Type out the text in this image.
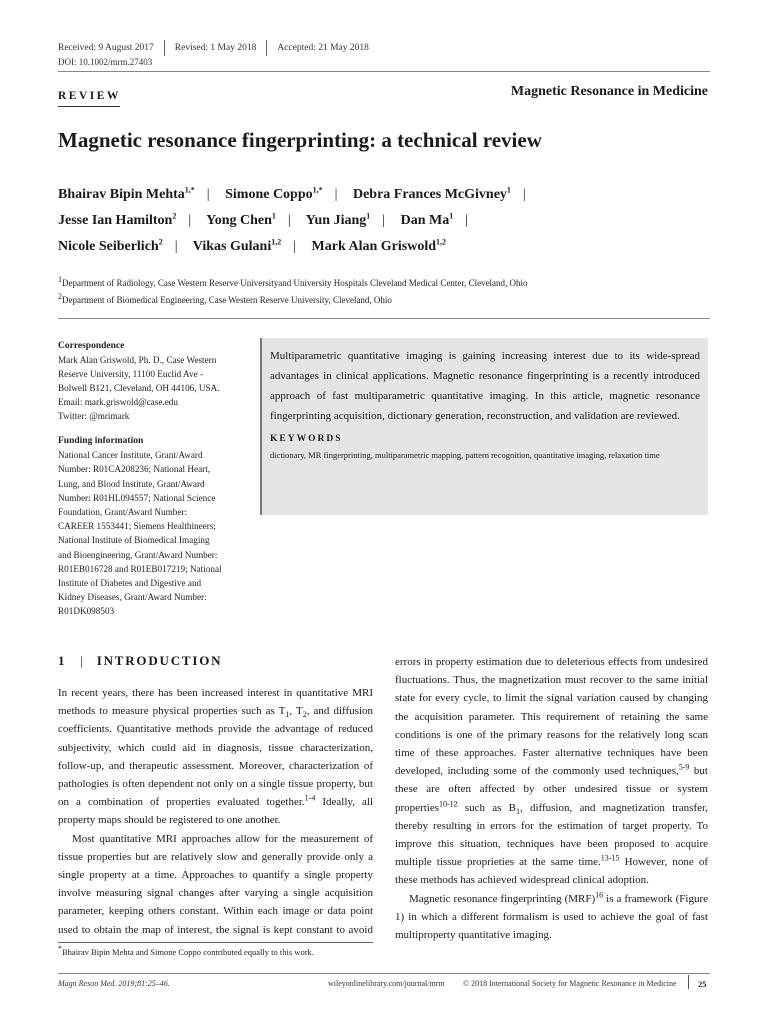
Received: 9 August 2017 Revised: 1 May 2018 Accepted: 21 May 2018
DOI: 10.1002/mrm.27403
REVIEW	Magnetic Resonance in Medicine
Magnetic resonance fingerprinting: a technical review
Bhairav Bipin Mehta$^{1,*}$ | Simone Coppo$^{1,*}$ | Debra Frances McGivney$^1$ |
Jesse Ian Hamilton$^2$ | Yong Chen$^1$ | Yun Jiang$^1$ | Dan Ma$^1$ |
Nicole Seiberlich$^2$ | Vikas Gulani$^{1,2}$ | Mark Alan Griswold$^{1,2}$
$^1$Department of Radiology, Case Western Reserve Universityand University Hospitals Cleveland Medical Center, Cleveland, Ohio
$^2$Department of Biomedical Engineering, Case Western Reserve University, Cleveland, Ohio
Correspondence
Mark Alan Griswold, Ph. D., Case Western
Reserve University, 11100 Euclid Ave -
Bolwell B121, Cleveland, OH 44106, USA.
Email: mark.griswold@case.edu
Twitter: @mrimark
Funding information
National Cancer Institute, Grant/Award
Number: R01CA208236; National Heart,
Lung, and Blood Institute, Grant/Award
Number: R01HL094557; National Science
Foundation, Grant/Award Number:
CAREER 1553441; Siemens Healthineers;
National Institute of Biomedical Imaging
and Bioengineering, Grant/Award Number:
R01EB016728 and R01EB017219; National
Institute of Diabetes and Digestive and
Kidney Diseases, Grant/Award Number:
R01DK098503
Multiparametric quantitative imaging is gaining increasing interest due to its wide-spread advantages in clinical applications. Magnetic resonance fingerprinting is a recently introduced approach of fast multiparametric quantitative imaging. In this article, magnetic resonance fingerprinting acquisition, dictionary generation, reconstruction, and validation are reviewed.
KEYWORDS
dictionary, MR fingerprinting, multiparametric mapping, pattern recognition, quantitative imaging, relaxation time
1 | INTRODUCTION

In recent years, there has been increased interest in quantitative MRI methods to measure physical properties such as $T_1$, $T_2$, and diffusion coefficients. Quantitative methods provide the advantage of reduced subjectivity, which could aid in diagnosis, tissue characterization, follow-up, and therapeutic assessment. Moreover, characterization of pathologies is often dependent not only on a single tissue property, but on a combination of properties evaluated together.$^{1-4}$ Ideally, all property maps should be registered to one another.

Most quantitative MRI approaches allow for the measurement of tissue properties but are relatively slow and generally provide only a single property at a time. Approaches to quantify a single property involve measuring signal changes after varying a single acquisition parameter, keeping others constant. Within each image or data point used to obtain the map of interest, the signal is kept constant to avoid

errors in property estimation due to deleterious effects from undesired fluctuations. Thus, the magnetization must recover to the same initial state for every cycle, to limit the signal variation caused by changing the acquisition parameter. This requirement of retaining the same conditions is one of the primary reasons for the relatively long scan time of these approaches. Faster alternative techniques have been developed, including some of the commonly used techniques,$^{5-9}$ but these are often affected by other undesired tissue or system properties$^{10-12}$ such as $B_1$, diffusion, and magnetization transfer, thereby resulting in errors for the estimation of target property. To improve this situation, techniques have been proposed to acquire multiple tissue proprieties at the same time.$^{13-15}$ However, none of these methods has achieved widespread clinical adoption.

Magnetic resonance fingerprinting (MRF)$^{16}$ is a framework (Figure 1) in which a different formalism is used to achieve the goal of fast multiproperty quantitative imaging.

*Bhairav Bipin Mehta and Simone Coppo contributed equally to this work.
Magn Reson Med. 2019;81:25–46.	wileyonlinelibrary.com/journal/mrm © 2018 International Society for Magnetic Resonance in Medicine	25
